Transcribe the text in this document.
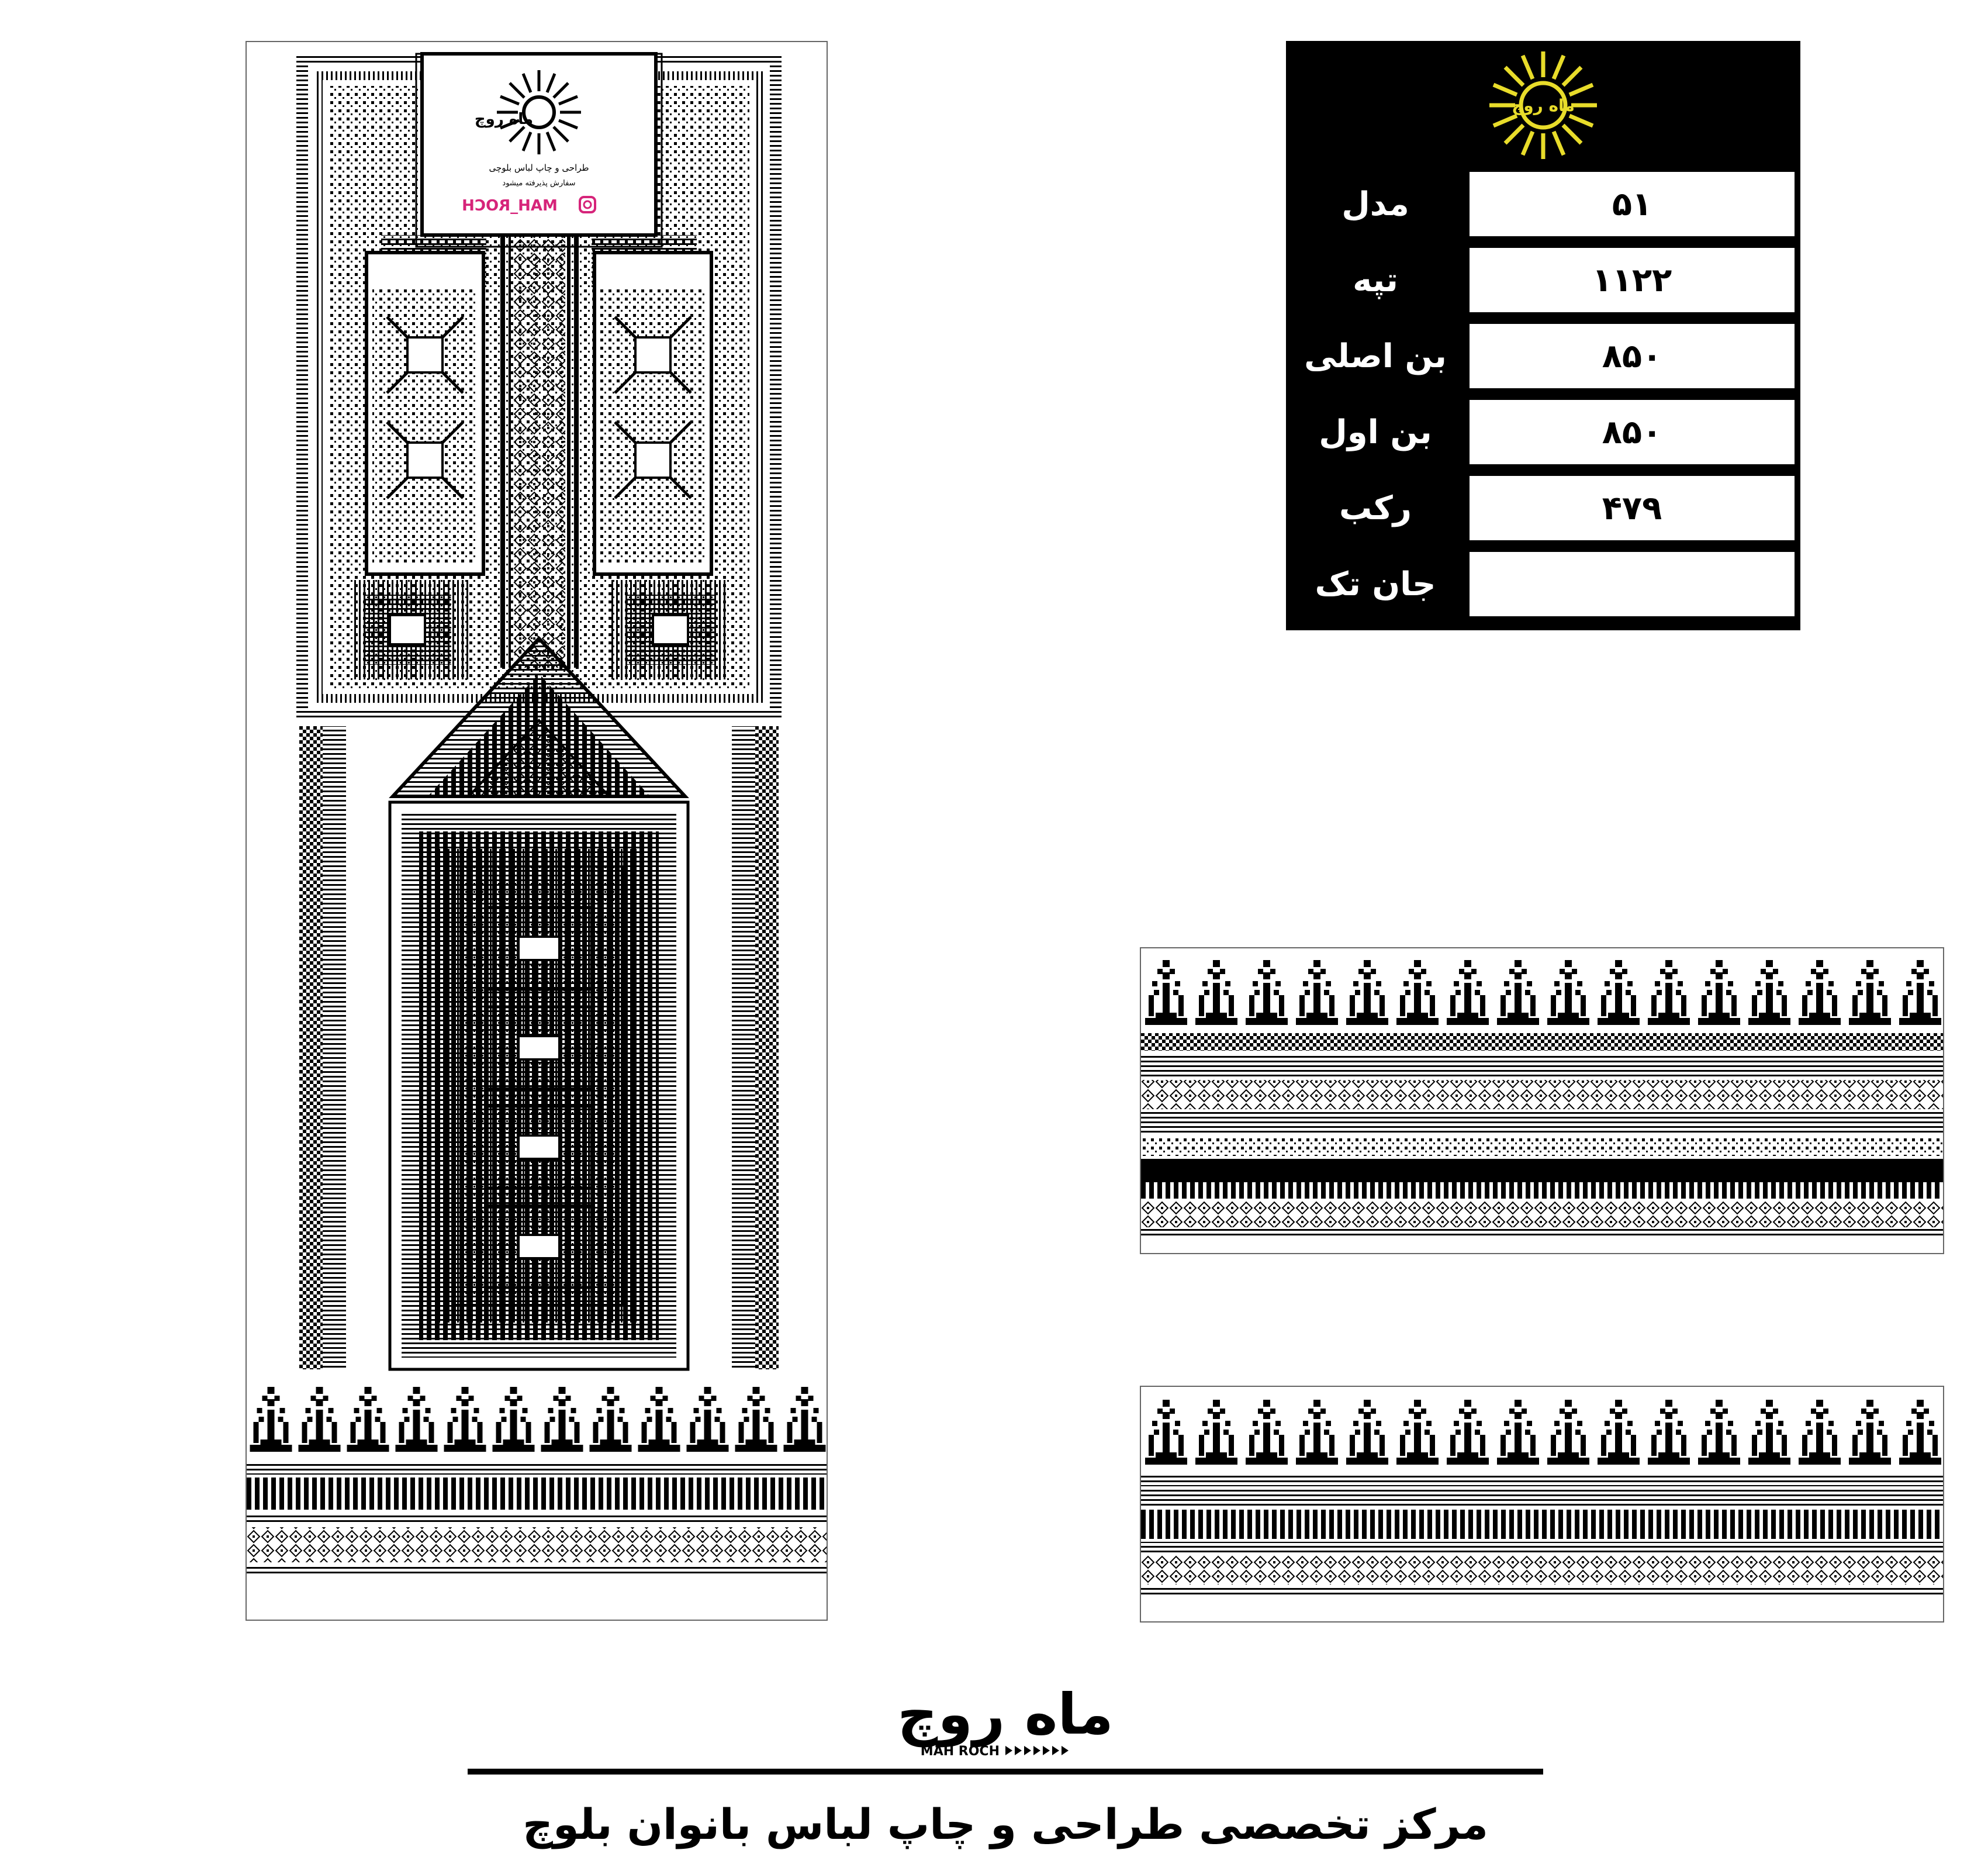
ماه روچ
طراحی و چاپ لباس بلوچی
سفارش پذیرفته میشود
MAH_ROCH
ماه روچ
مدل	۵۱
تپه	۱۱۲۲
بن اصلی	۸۵۰
بن اول	۸۵۰
رکب	۴۷۹
جان تک
ماه روچ
MAH ROCH
مرکز تخصصی طراحی و چاپ لباس بانوان بلوچ
